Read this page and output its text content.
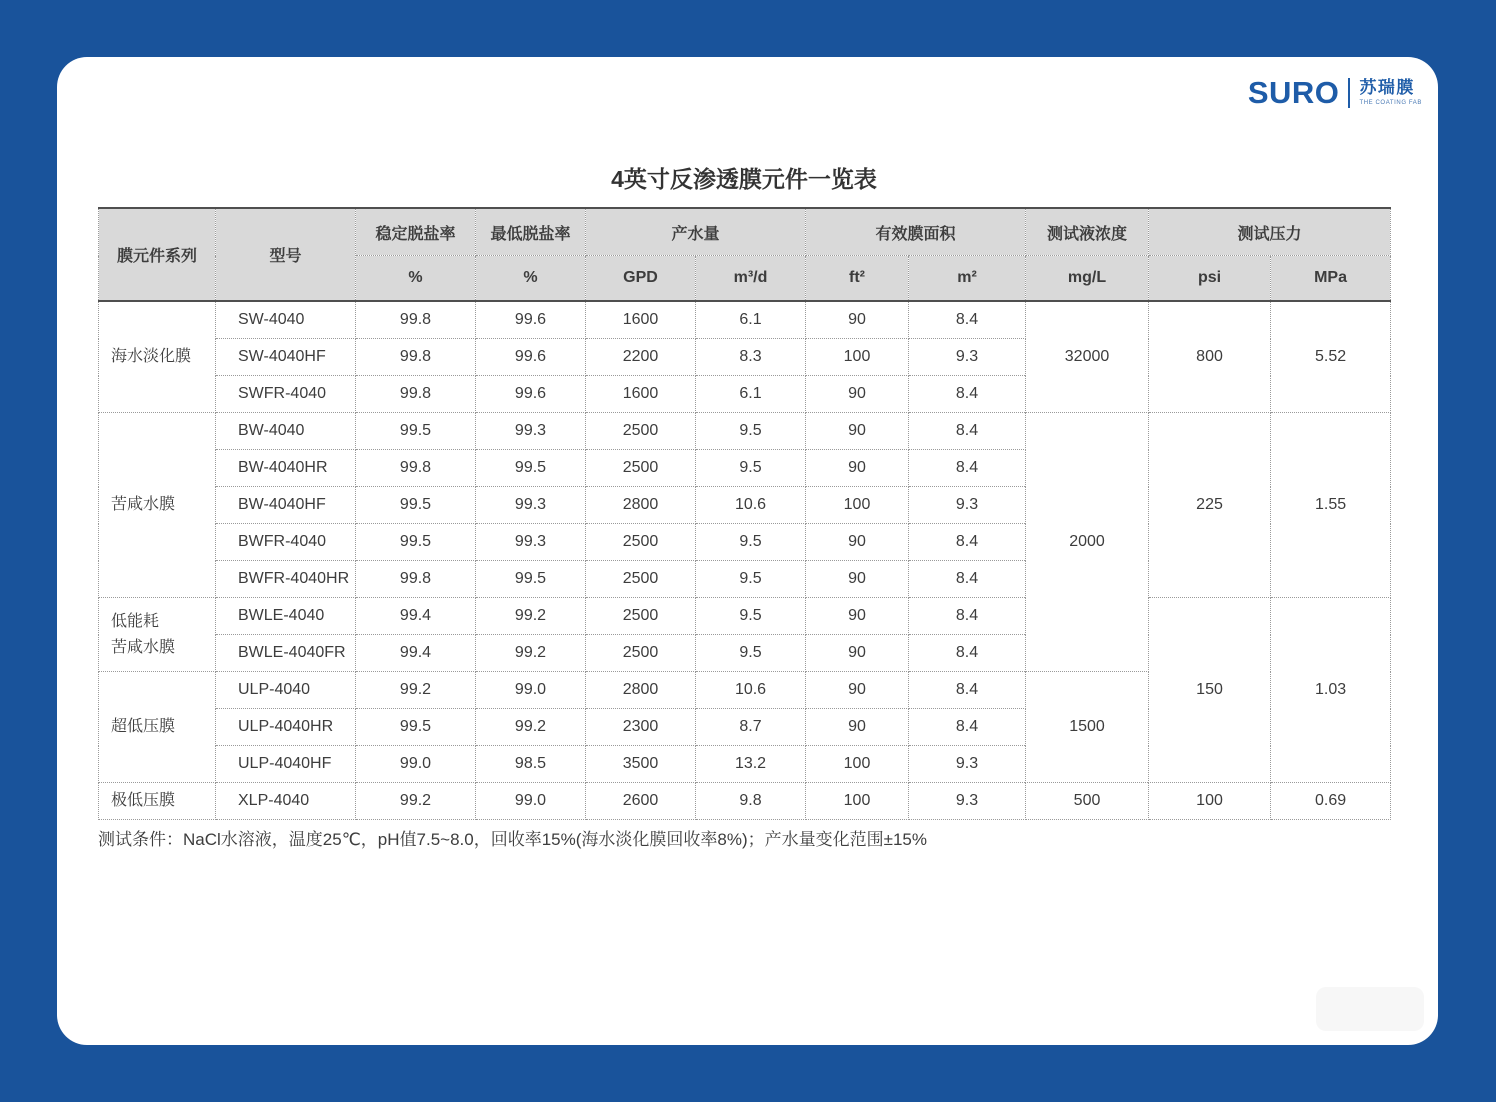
SURO 苏瑞膜
THE COATING FAB
4英寸反渗透膜元件一览表
膜元件系列	型号	稳定脱盐率	最低脱盐率	产水量		有效膜面积		测试液浓度	测试压力	
		%	%	GPD	m³/d	ft²	m²	mg/L	psi	MPa
海水淡化膜	SW-4040	99.8	99.6	1600	6.1	90	8.4	32000	800	5.52
	SW-4040HF	99.8	99.6	2200	8.3	100	9.3			
	SWFR-4040	99.8	99.6	1600	6.1	90	8.4			
苦咸水膜	BW-4040	99.5	99.3	2500	9.5	90	8.4	2000	225	1.55
	BW-4040HR	99.8	99.5	2500	9.5	90	8.4			
	BW-4040HF	99.5	99.3	2800	10.6	100	9.3			
	BWFR-4040	99.5	99.3	2500	9.5	90	8.4			
	BWFR-4040HR	99.8	99.5	2500	9.5	90	8.4			

低能耗
苦咸水膜	BWLE-4040	99.4	99.2	2500	9.5	90	8.4		150	1.03
	BWLE-4040FR	99.4	99.2	2500	9.5	90	8.4			
超低压膜	ULP-4040	99.2	99.0	2800	10.6	90	8.4	1500		
	ULP-4040HR	99.5	99.2	2300	8.7	90	8.4			
	ULP-4040HF	99.0	98.5	3500	13.2	100	9.3			
极低压膜	XLP-4040	99.2	99.0	2600	9.8	100	9.3	500	100	0.69
测试条件：NaCl水溶液，温度25℃，pH值7.5~8.0，回收率15%(海水淡化膜回收率8%)；产水量变化范围±15%
